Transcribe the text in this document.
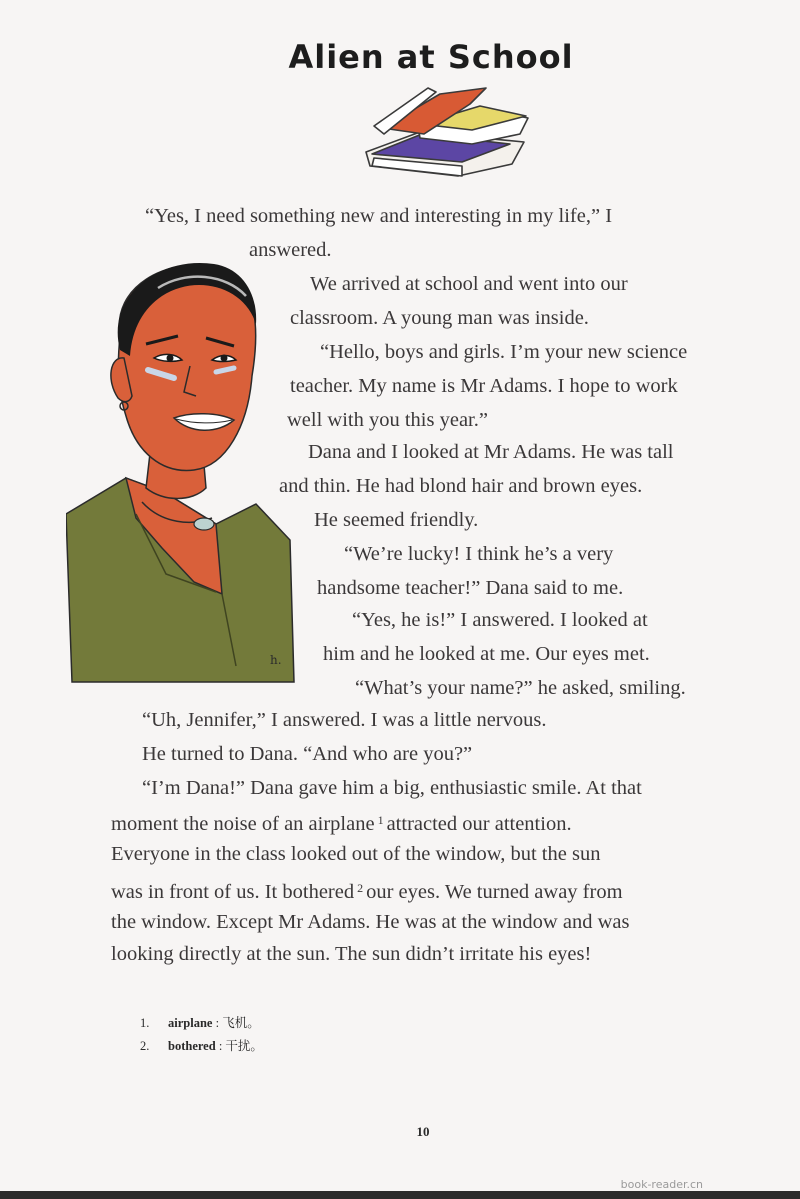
Alien at School
h.
“Yes, I need something new and interesting in my life,” I
answered.
We arrived at school and went into our
classroom. A young man was inside.
“Hello, boys and girls. I’m your new science
teacher. My name is Mr Adams. I hope to work
well with you this year.”
Dana and I looked at Mr Adams. He was tall
and thin. He had blond hair and brown eyes.
He seemed friendly.
“We’re lucky! I think he’s a very
handsome teacher!” Dana said to me.
“Yes, he is!” I answered. I looked at
him and he looked at me. Our eyes met.
“What’s your name?” he asked, smiling.
“Uh, Jennifer,” I answered. I was a little nervous.
He turned to Dana. “And who are you?”
“I’m Dana!” Dana gave him a big, enthusiastic smile. At that
moment the noise of an airplane $^1$ attracted our attention.
Everyone in the class looked out of the window, but the sun
was in front of us. It bothered $^2$ our eyes. We turned away from
the window. Except Mr Adams. He was at the window and was
looking directly at the sun. The sun didn’t irritate his eyes!
1. airplane : 飞机。
2. bothered : 干扰。
10
book-reader.cn
